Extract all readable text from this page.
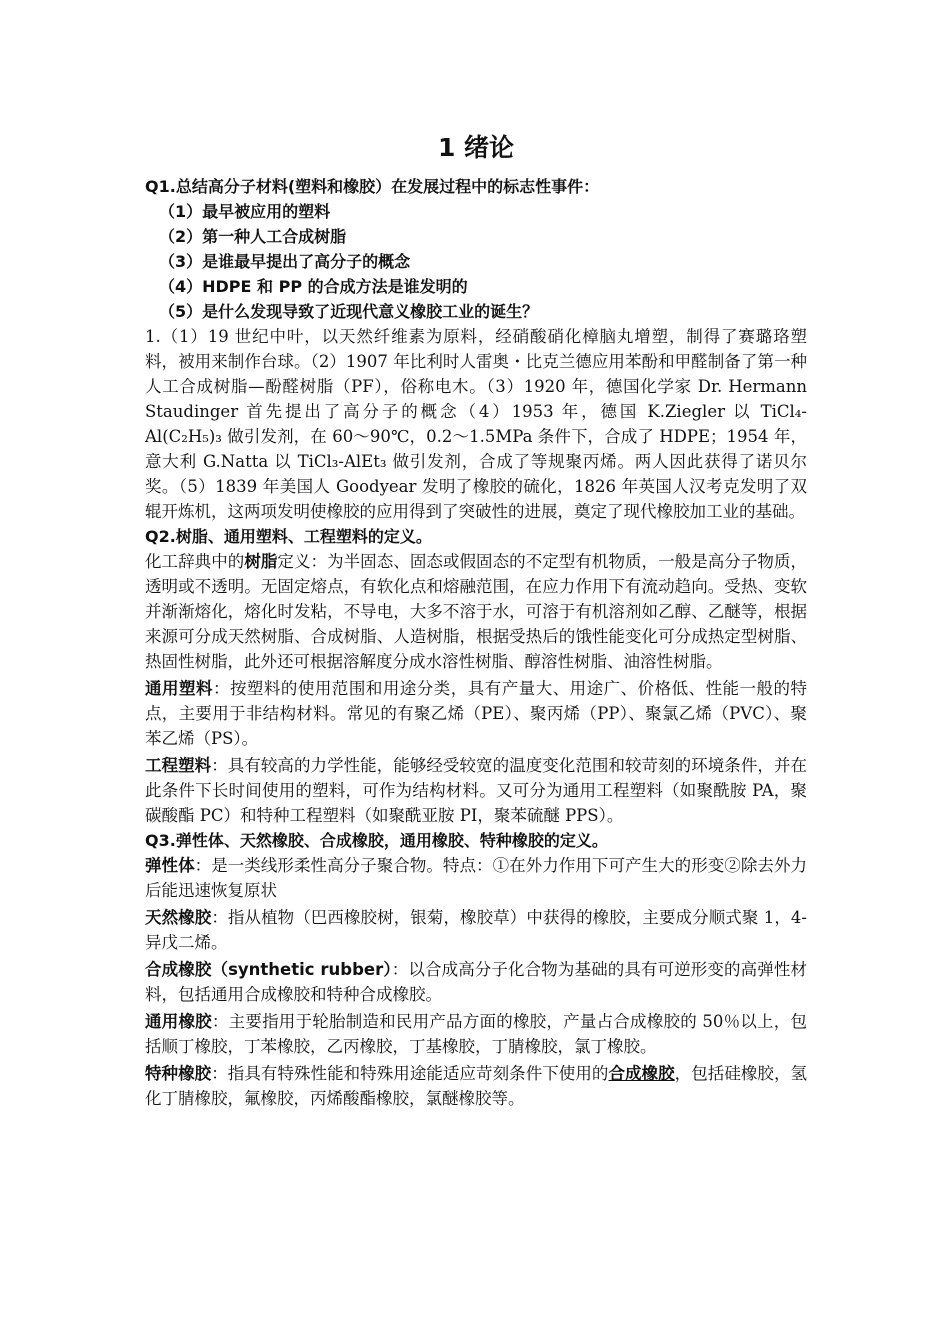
1 绪论
Q1.总结高分子材料(塑料和橡胶）在发展过程中的标志性事件：
（1）最早被应用的塑料
（2）第一种人工合成树脂
（3）是谁最早提出了高分子的概念
（4）HDPE 和 PP 的合成方法是谁发明的
（5）是什么发现导致了近现代意义橡胶工业的诞生？

1.（1）19 世纪中叶，以天然纤维素为原料，经硝酸硝化樟脑丸增塑，制得了赛璐珞塑料，被用来制作台球。（2）1907 年比利时人雷奥・比克兰德应用苯酚和甲醛制备了第一种人工合成树脂—酚醛树脂（PF），俗称电木。（3）1920 年，德国化学家 Dr. Hermann Staudinger 首先提出了高分子的概念（4）1953 年，德国 K.Ziegler 以 TiCl₄-Al(C₂H₅)₃ 做引发剂，在 60～90℃，0.2～1.5MPa 条件下，合成了 HDPE；1954 年，意大利 G.Natta 以 TiCl₃-AlEt₃ 做引发剂，合成了等规聚丙烯。两人因此获得了诺贝尔奖。（5）1839 年美国人 Goodyear 发明了橡胶的硫化，1826 年英国人汉考克发明了双辊开炼机，这两项发明使橡胶的应用得到了突破性的进展，奠定了现代橡胶加工业的基础。

Q2.树脂、通用塑料、工程塑料的定义。

化工辞典中的树脂定义：为半固态、固态或假固态的不定型有机物质，一般是高分子物质，透明或不透明。无固定熔点，有软化点和熔融范围，在应力作用下有流动趋向。受热、变软并渐渐熔化，熔化时发粘，不导电，大多不溶于水，可溶于有机溶剂如乙醇、乙醚等，根据来源可分成天然树脂、合成树脂、人造树脂，根据受热后的饿性能变化可分成热定型树脂、热固性树脂，此外还可根据溶解度分成水溶性树脂、醇溶性树脂、油溶性树脂。

通用塑料：按塑料的使用范围和用途分类，具有产量大、用途广、价格低、性能一般的特点，主要用于非结构材料。常见的有聚乙烯（PE）、聚丙烯（PP）、聚氯乙烯（PVC）、聚苯乙烯（PS）。

工程塑料：具有较高的力学性能，能够经受较宽的温度变化范围和较苛刻的环境条件，并在此条件下长时间使用的塑料，可作为结构材料。又可分为通用工程塑料（如聚酰胺 PA，聚碳酸酯 PC）和特种工程塑料（如聚酰亚胺 PI，聚苯硫醚 PPS）。

Q3.弹性体、天然橡胶、合成橡胶，通用橡胶、特种橡胶的定义。

弹性体：是一类线形柔性高分子聚合物。特点：①在外力作用下可产生大的形变②除去外力后能迅速恢复原状

天然橡胶：指从植物（巴西橡胶树，银菊，橡胶草）中获得的橡胶，主要成分顺式聚 1，4-异戊二烯。

合成橡胶（synthetic rubber）：以合成高分子化合物为基础的具有可逆形变的高弹性材料，包括通用合成橡胶和特种合成橡胶。

通用橡胶：主要指用于轮胎制造和民用产品方面的橡胶，产量占合成橡胶的 50％以上，包括顺丁橡胶，丁苯橡胶，乙丙橡胶，丁基橡胶，丁腈橡胶，氯丁橡胶。

特种橡胶：指具有特殊性能和特殊用途能适应苛刻条件下使用的合成橡胶，包括硅橡胶，氢化丁腈橡胶，氟橡胶，丙烯酸酯橡胶，氯醚橡胶等。
